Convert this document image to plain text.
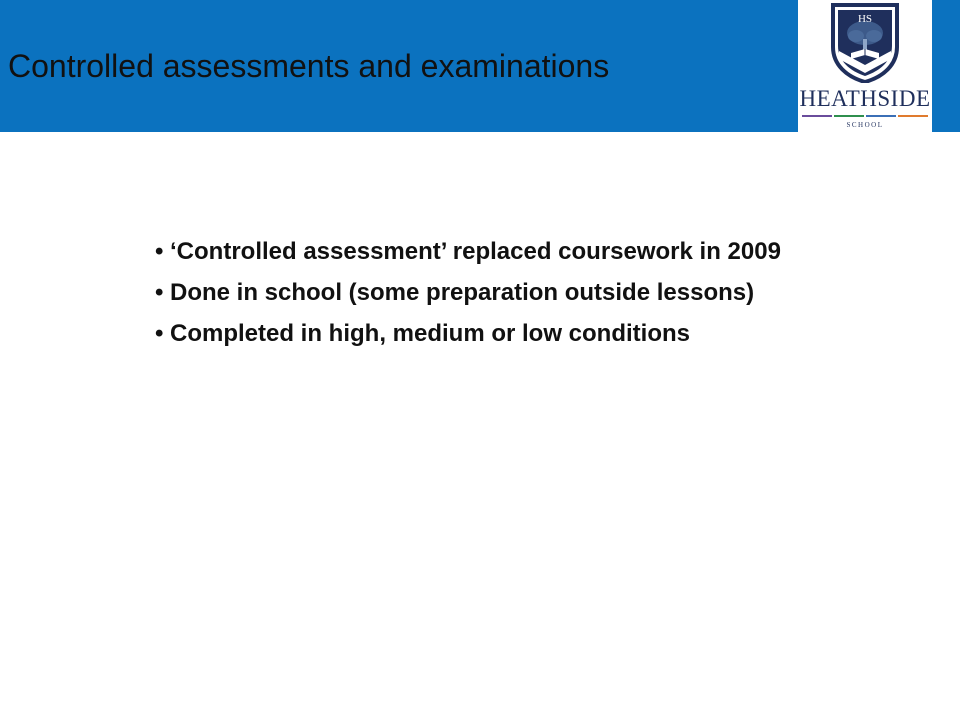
Controlled assessments and examinations
HS
HEATHSIDE
SCHOOL
• ‘Controlled assessment’ replaced coursework in 2009
• Done in school (some preparation outside lessons)
• Completed in high, medium or low conditions
